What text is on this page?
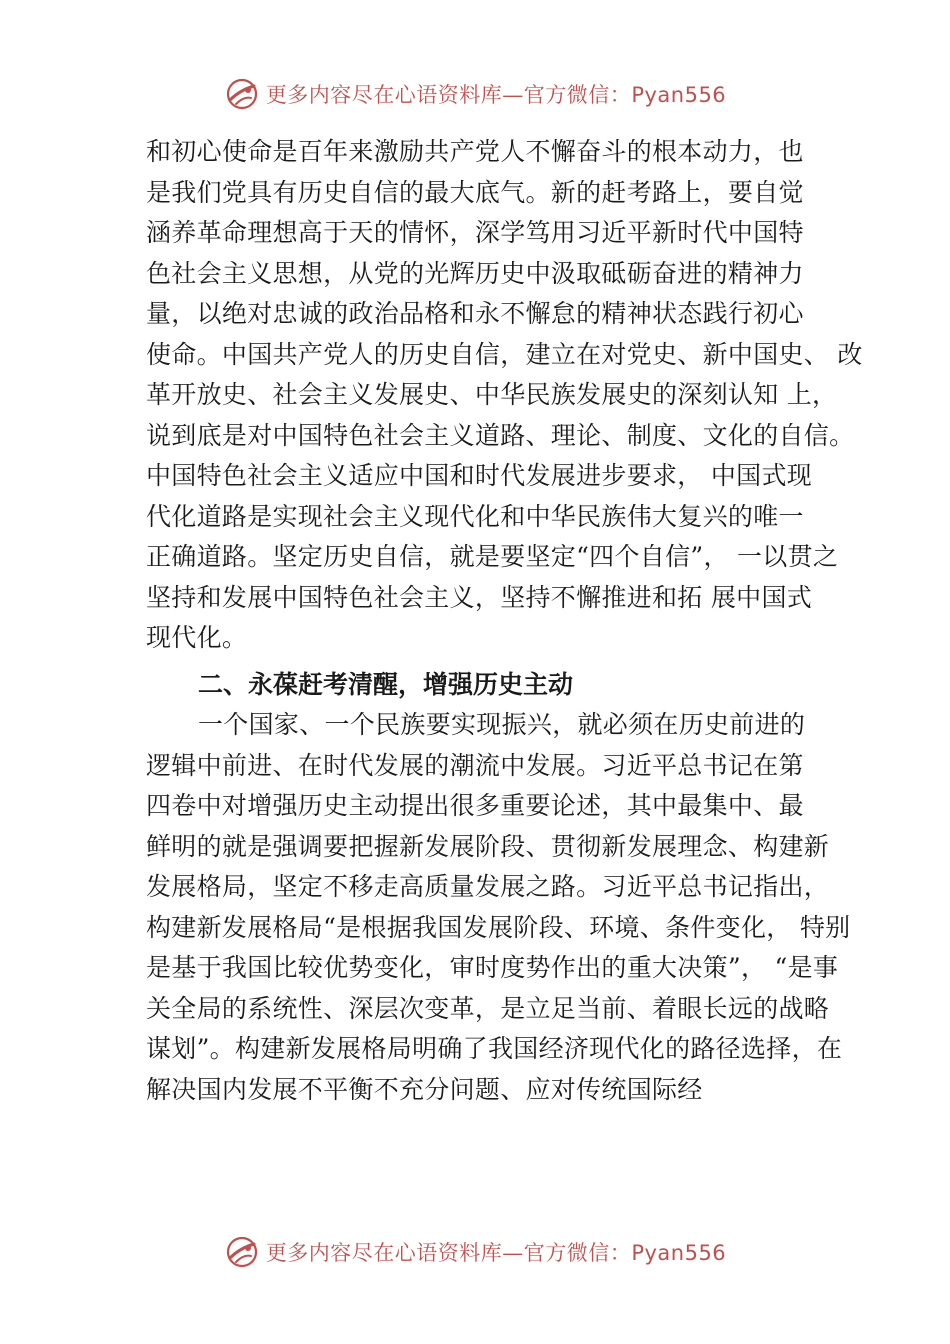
更多内容尽在心语资料库—官方微信：Pyan556
和初心使命是百年来激励共产党人不懈奋斗的根本动力，也
是我们党具有历史自信的最大底气。新的赶考路上，要自觉
涵养革命理想高于天的情怀，深学笃用习近平新时代中国特
色社会主义思想，从党的光辉历史中汲取砥砺奋进的精神力
量，以绝对忠诚的政治品格和永不懈怠的精神状态践行初心
使命。中国共产党人的历史自信，建立在对党史、新中国史、 改
革开放史、社会主义发展史、中华民族发展史的深刻认知 上，
说到底是对中国特色社会主义道路、理论、制度、文化的自信。
中国特色社会主义适应中国和时代发展进步要求， 中国式现
代化道路是实现社会主义现代化和中华民族伟大复兴的唯一
正确道路。坚定历史自信，就是要坚定“四个自信”， 一以贯之
坚持和发展中国特色社会主义，坚持不懈推进和拓 展中国式
现代化。
二、永葆赶考清醒，增强历史主动
一个国家、一个民族要实现振兴，就必须在历史前进的
逻辑中前进、在时代发展的潮流中发展。习近平总书记在第
四卷中对增强历史主动提出很多重要论述，其中最集中、最
鲜明的就是强调要把握新发展阶段、贯彻新发展理念、构建新
发展格局，坚定不移走高质量发展之路。习近平总书记指出，
构建新发展格局“是根据我国发展阶段、环境、条件变化， 特别
是基于我国比较优势变化，审时度势作出的重大决策”， “是事
关全局的系统性、深层次变革，是立足当前、着眼长远的战略
谋划”。构建新发展格局明确了我国经济现代化的路径选择，在
解决国内发展不平衡不充分问题、应对传统国际经
更多内容尽在心语资料库—官方微信：Pyan556
